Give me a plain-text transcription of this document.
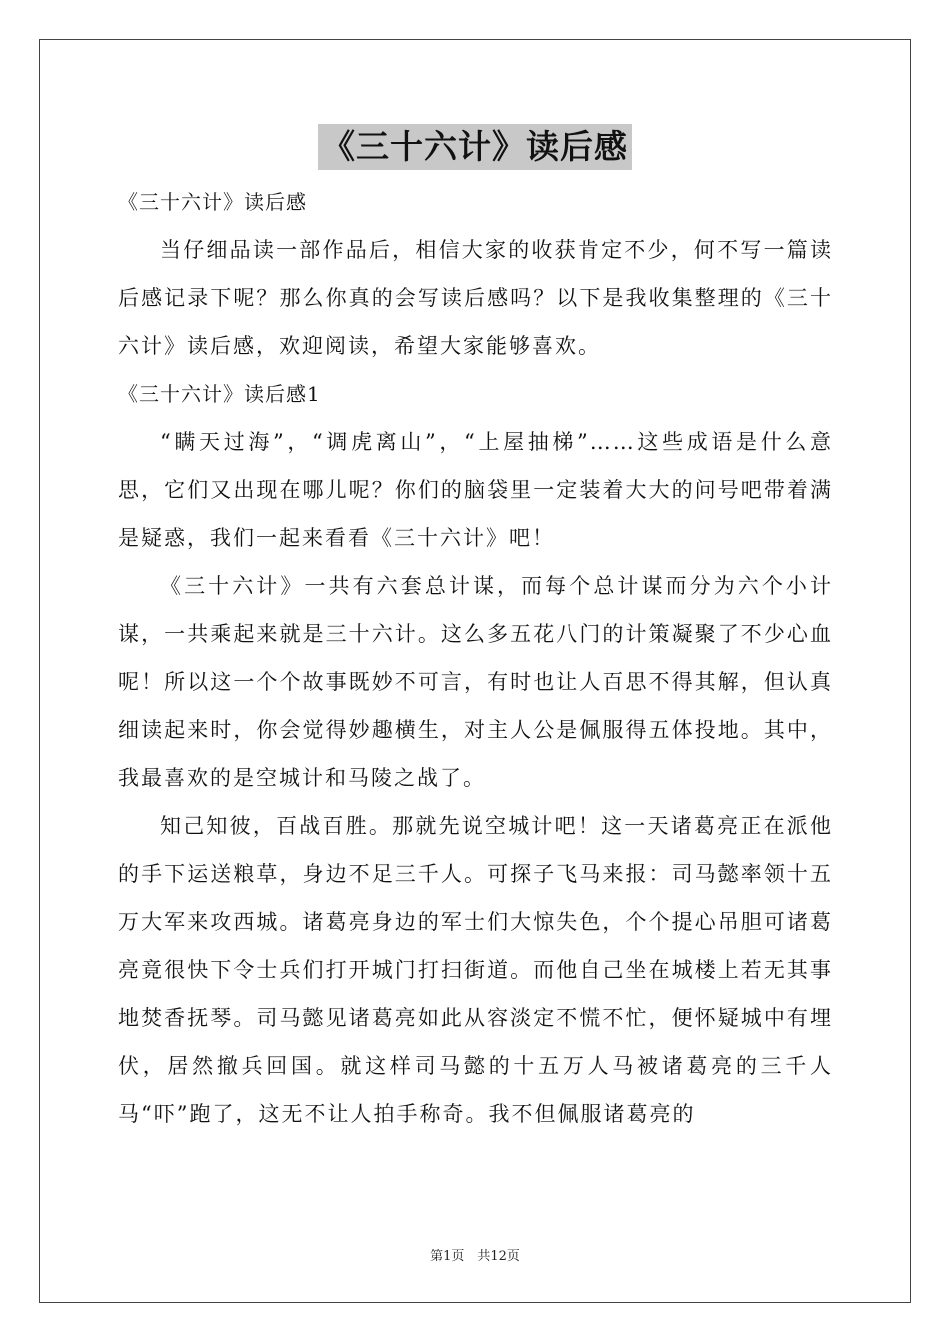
《三十六计》读后感
《三十六计》读后感

当仔细品读一部作品后，相信大家的收获肯定不少，何不写一篇读后感记录下呢？那么你真的会写读后感吗？以下是我收集整理的《三十六计》读后感，欢迎阅读，希望大家能够喜欢。

《三十六计》读后感1

“瞒天过海”，“调虎离山”，“上屋抽梯”……这些成语是什么意思，它们又出现在哪儿呢？你们的脑袋里一定装着大大的问号吧带着满是疑惑，我们一起来看看《三十六计》吧！

《三十六计》一共有六套总计谋，而每个总计谋而分为六个小计谋，一共乘起来就是三十六计。这么多五花八门的计策凝聚了不少心血呢！所以这一个个故事既妙不可言，有时也让人百思不得其解，但认真细读起来时，你会觉得妙趣横生，对主人公是佩服得五体投地。其中，我最喜欢的是空城计和马陵之战了。

知己知彼，百战百胜。那就先说空城计吧！这一天诸葛亮正在派他的手下运送粮草，身边不足三千人。可探子飞马来报：司马懿率领十五万大军来攻西城。诸葛亮身边的军士们大惊失色，个个提心吊胆可诸葛亮竟很快下令士兵们打开城门打扫街道。而他自己坐在城楼上若无其事地焚香抚琴。司马懿见诸葛亮如此从容淡定不慌不忙，便怀疑城中有埋伏，居然撤兵回国。就这样司马懿的十五万人马被诸葛亮的三千人马“吓”跑了，这无不让人拍手称奇。我不但佩服诸葛亮的

第1页　共12页
